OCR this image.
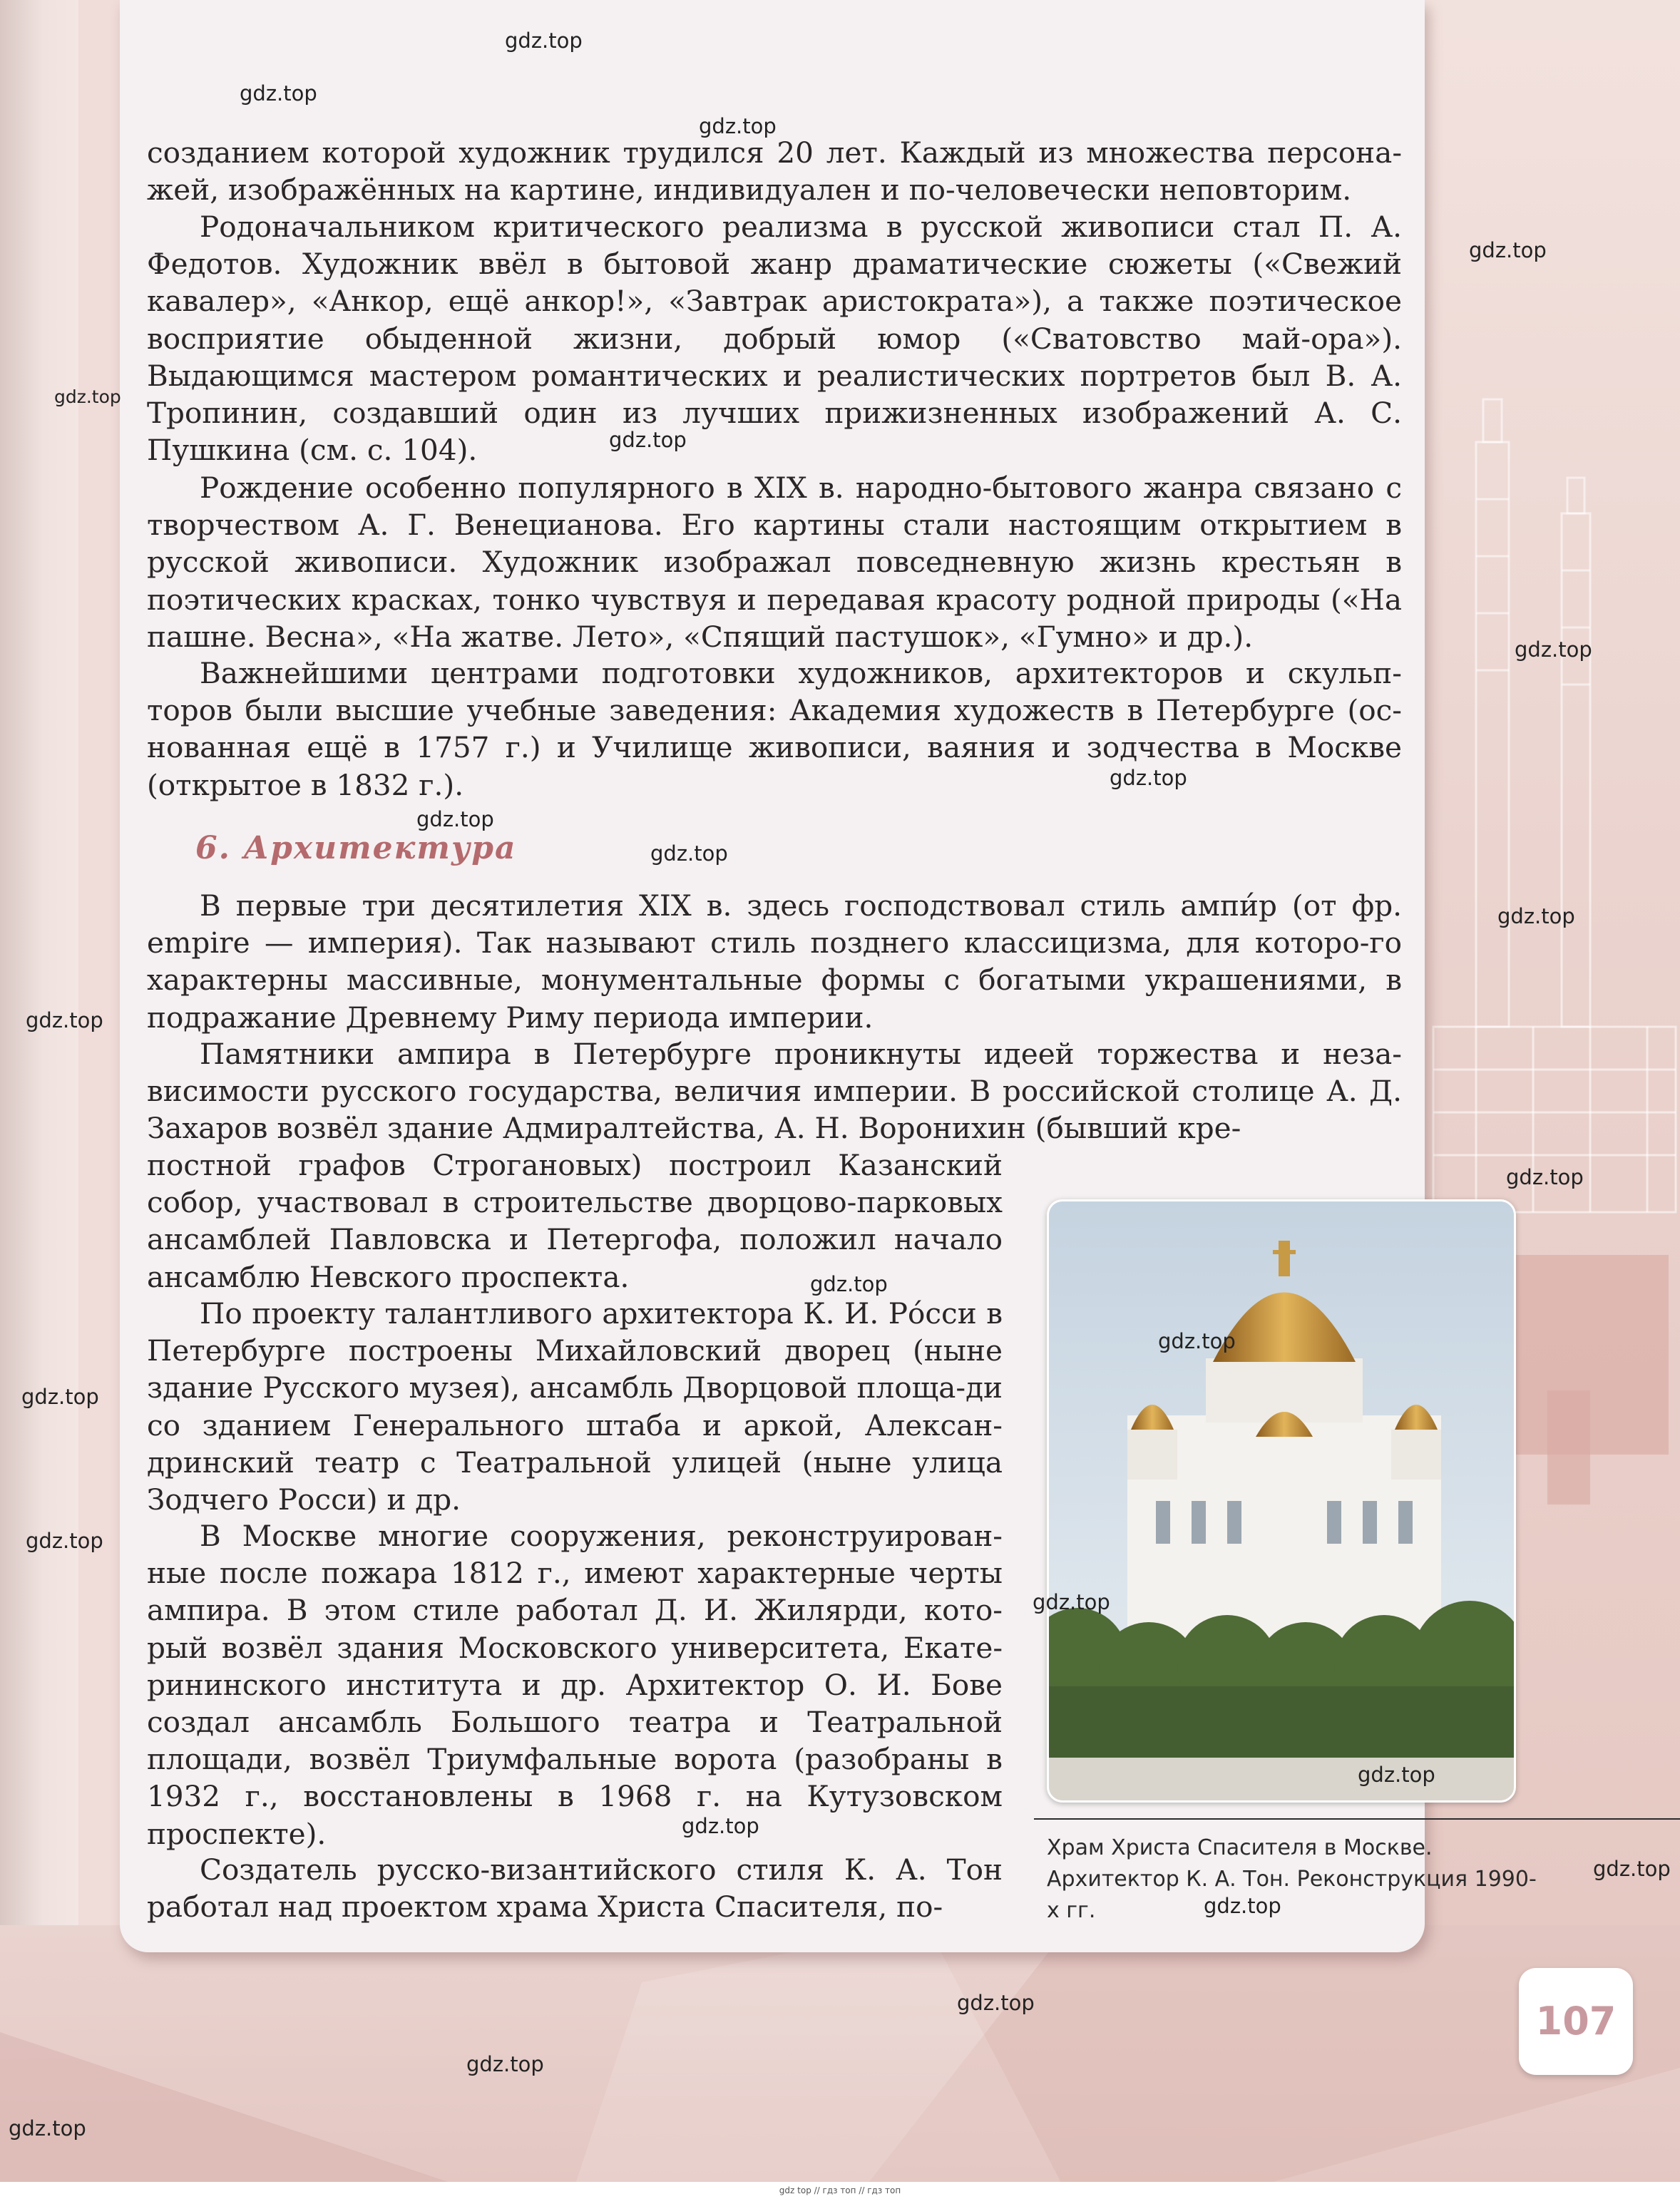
созданием которой художник трудился 20 лет. Каждый из множества персона-жей, изображённых на картине, индивидуален и по-человечески неповторим.

Родоначальником критического реализма в русской живописи стал П. А. Федотов. Художник ввёл в бытовой жанр драматические сюжеты («Свежий кавалер», «Анкор, ещё анкор!», «Завтрак аристократа»), а также поэтическое восприятие обыденной жизни, добрый юмор («Сватовство май-ора»). Выдающимся мастером романтических и реалистических портретов был В. А. Тропинин, создавший один из лучших прижизненных изображений А. С. Пушкина (см. с. 104).

Рождение особенно популярного в XIX в. народно-бытового жанра связано с творчеством А. Г. Венецианова. Его картины стали настоящим открытием в русской живописи. Художник изображал повседневную жизнь крестьян в поэтических красках, тонко чувствуя и передавая красоту родной природы («На пашне. Весна», «На жатве. Лето», «Спящий пастушок», «Гумно» и др.).

Важнейшими центрами подготовки художников, архитекторов и скульп-торов были высшие учебные заведения: Академия художеств в Петербурге (ос-нованная ещё в 1757 г.) и Училище живописи, ваяния и зодчества в Москве (открытое в 1832 г.).

6. Архитектура

В первые три десятилетия XIX в. здесь господствовал стиль ампи́р (от фр. empire — империя). Так называют стиль позднего классицизма, для которо-го характерны массивные, монументальные формы с богатыми украшениями, в подражание Древнему Риму периода империи.

Памятники ампира в Петербурге проникнуты идеей торжества и неза-висимости русского государства, величия империи. В российской столице А. Д. Захаров возвёл здание Адмиралтейства, А. Н. Воронихин (бывший кре-

постной графов Строгановых) построил Казанский собор, участвовал в строительстве дворцово-парковых ансамблей Павловска и Петергофа, положил начало ансамблю Невского проспекта.

По проекту талантливого архитектора К. И. Ро́сси в Петербурге построены Михайловский дворец (ныне здание Русского музея), ансамбль Дворцовой площа-ди со зданием Генерального штаба и аркой, Алексан-дринский театр с Театральной улицей (ныне улица Зодчего Росси) и др.

В Москве многие сооружения, реконструирован-ные после пожара 1812 г., имеют характерные черты ампира. В этом стиле работал Д. И. Жилярди, кото-рый возвёл здания Московского университета, Екате-рининского института и др. Архитектор О. И. Бове создал ансамбль Большого театра и Театральной площади, возвёл Триумфальные ворота (разобраны в 1932 г., восстановлены в 1968 г. на Кутузовском проспекте).

Создатель русско-византийского стиля К. А. Тон работал над проектом храма Христа Спасителя, по-

Храм Христа Спасителя в Москве. Архитектор К. А. Тон. Реконструкция 1990-х гг.

107
gdz top // гдз топ // гдз топ
gdz.top
gdz.top
gdz.top
gdz.top
gdz.top
gdz.top
gdz.top
gdz.top
gdz.top
gdz.top
gdz.top
gdz.top
gdz.top
gdz.top
gdz.top
gdz.top
gdz.top
gdz.top
gdz.top
gdz.top
gdz.top
gdz.top
gdz.top
gdz.top
gdz.top
